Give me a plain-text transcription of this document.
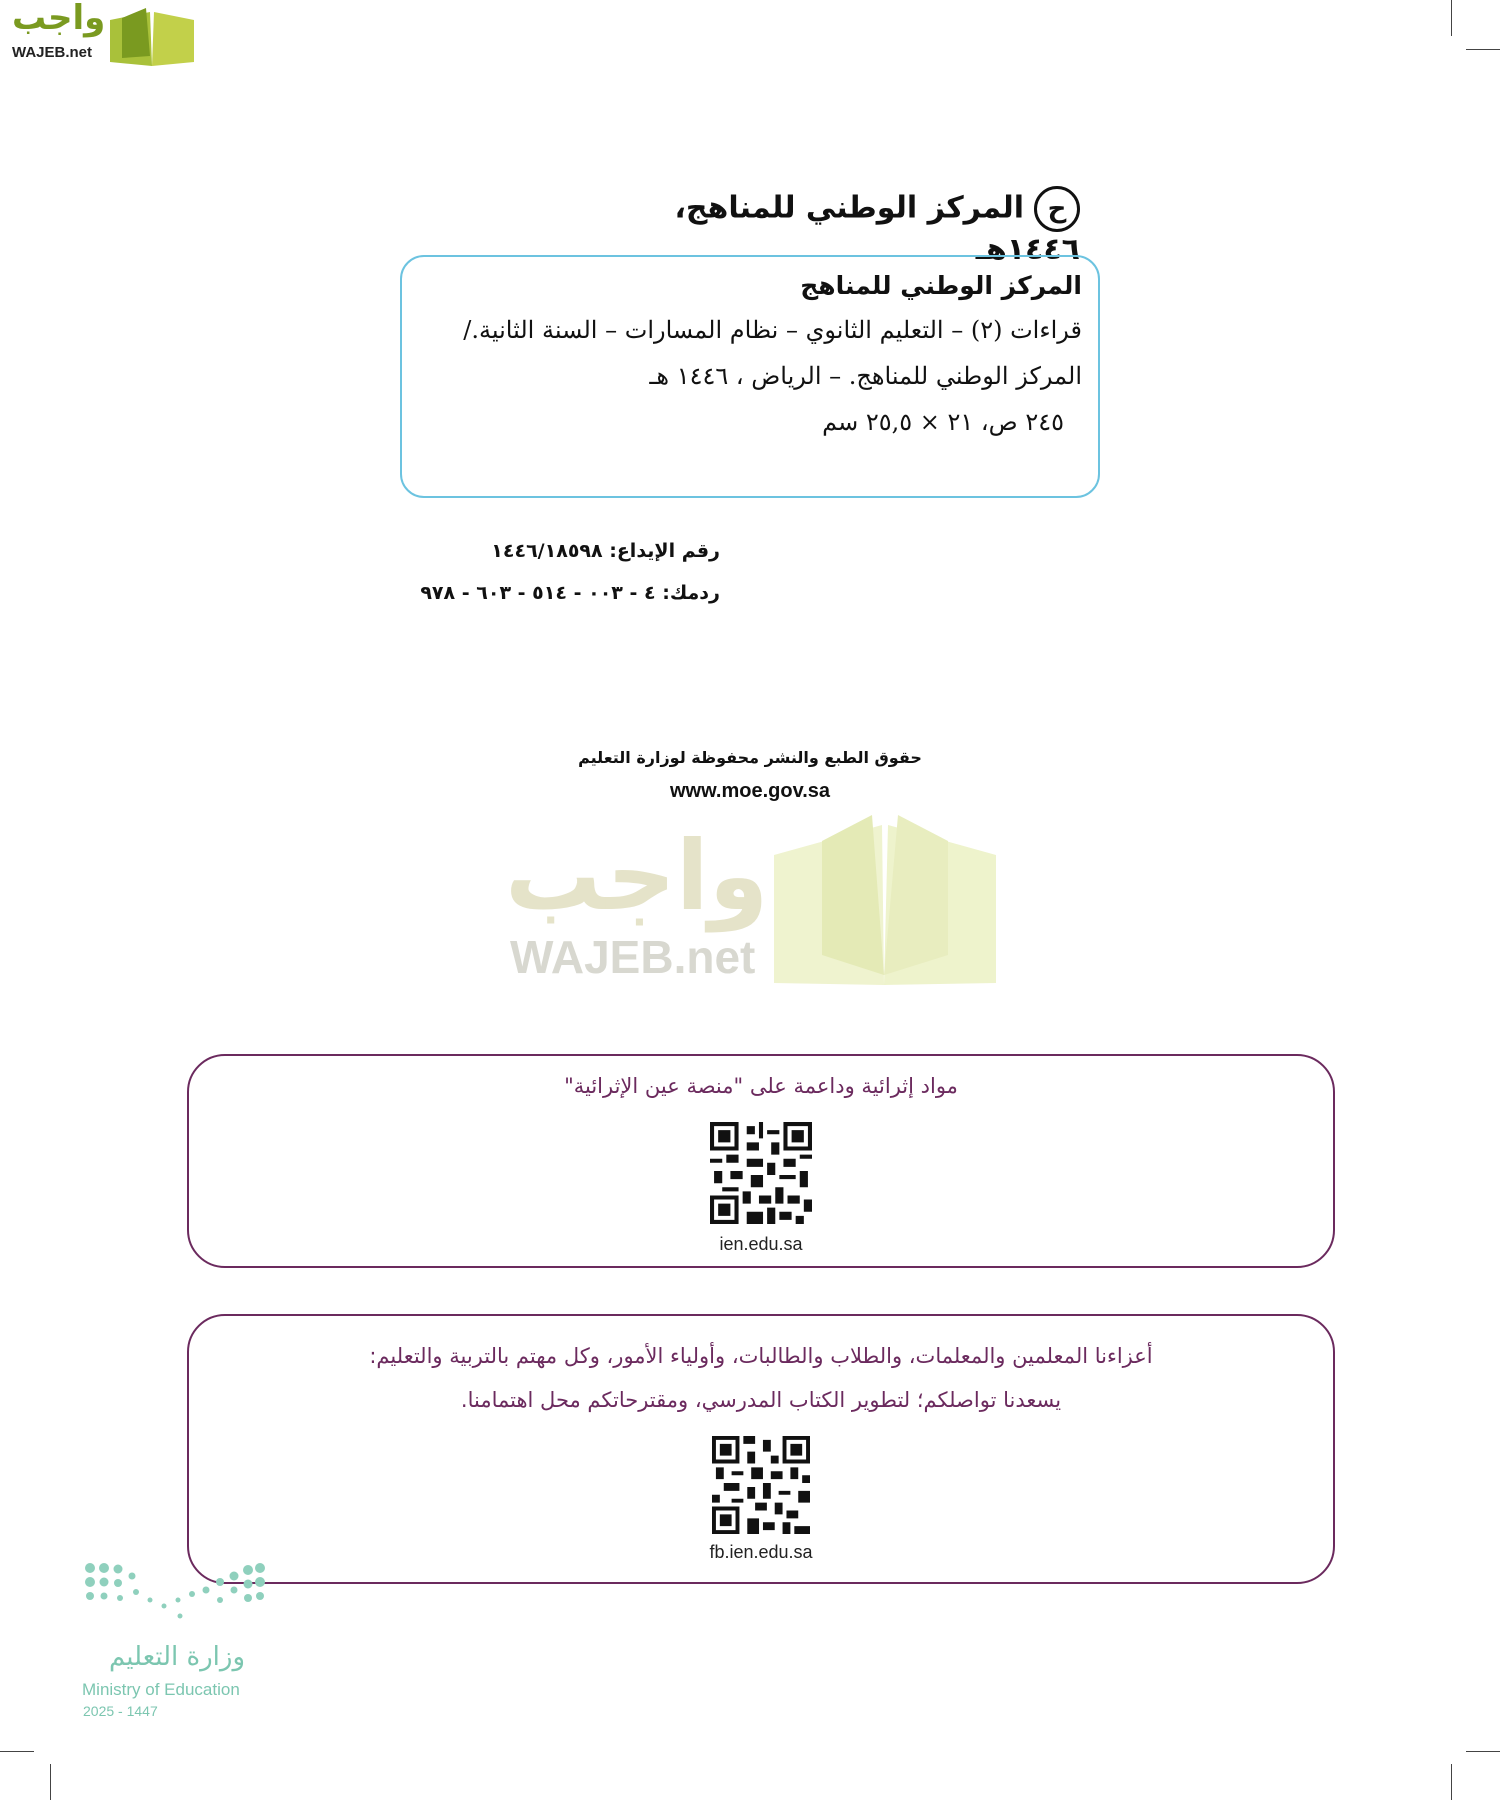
واجب
WAJEB.net
حالمركز الوطني للمناهج، ١٤٤٦هـ
المركز الوطني للمناهج
قراءات (٢) – التعليم الثانوي – نظام المسارات – السنة الثانية./
المركز الوطني للمناهج. – الرياض ، ١٤٤٦ هـ
٢٤٥ ص، ٢١ × ٢٥,٥ سم
رقم الإيداع: ١٤٤٦/١٨٥٩٨
ردمك: ٤ - ٠٠٣ - ٥١٤ - ٦٠٣ - ٩٧٨
حقوق الطبع والنشر محفوظة لوزارة التعليم
www.moe.gov.sa
واجب
WAJEB.net
مواد إثرائية وداعمة على "منصة عين الإثرائية"
ien.edu.sa
أعزاءنا المعلمين والمعلمات، والطلاب والطالبات، وأولياء الأمور، وكل مهتم بالتربية والتعليم:
يسعدنا تواصلكم؛ لتطوير الكتاب المدرسي، ومقترحاتكم محل اهتمامنا.
fb.ien.edu.sa
وزارة التعليم
Ministry of Education
2025 - 1447
